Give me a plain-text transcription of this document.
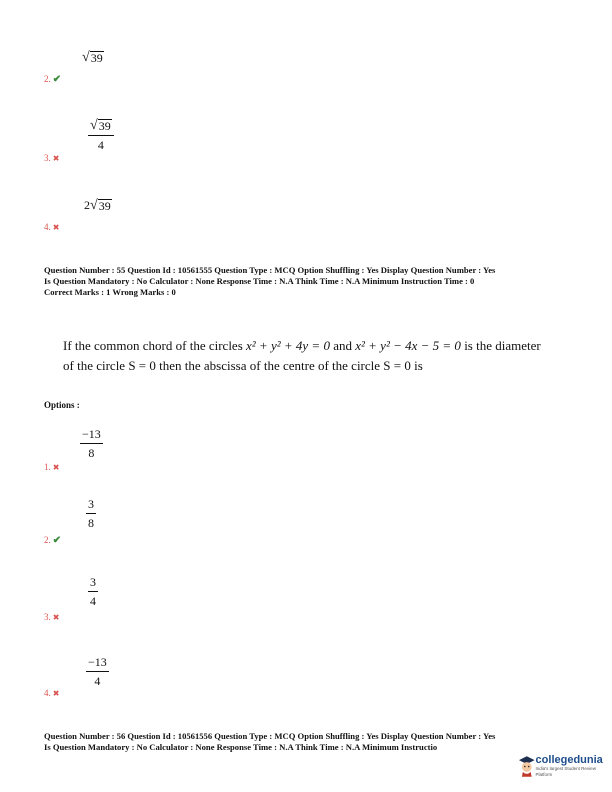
√ 39
2. ✔
$\frac{√ 39}{4}$
3. ✖
2 √ 39
4. ✖
Question Number : 55 Question Id : 10561555 Question Type : MCQ Option Shuffling : Yes Display Question Number : Yes
Is Question Mandatory : No Calculator : None Response Time : N.A Think Time : N.A Minimum Instruction Time : 0
Correct Marks : 1 Wrong Marks : 0
If the common chord of the circles x² + y² + 4y = 0 and x² + y² − 4x − 5 = 0 is the diameter
of the circle S = 0 then the abscissa of the centre of the circle S = 0 is
Options :
$\frac{-13}{8}$
1. ✖
$\frac{3}{8}$
2. ✔
$\frac{3}{4}$
3. ✖
$\frac{-13}{4}$
4. ✖
Question Number : 56 Question Id : 10561556 Question Type : MCQ Option Shuffling : Yes Display Question Number : Yes
Is Question Mandatory : No Calculator : None Response Time : N.A Think Time : N.A Minimum Instructio
collegedunia
India's largest Student Review Platform
